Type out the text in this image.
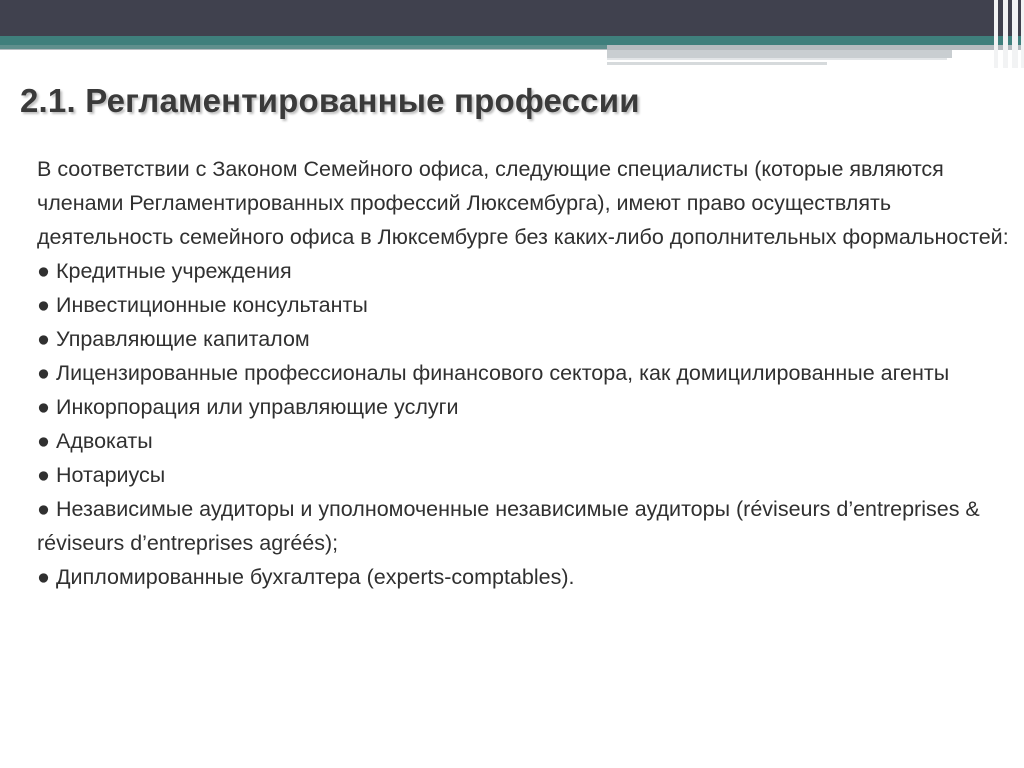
2.1. Регламентированные профессии

В соответствии с Законом Семейного офиса, следующие специалисты (которые являются членами Регламентированных профессий Люксембурга), имеют право осуществлять деятельность семейного офиса в Люксембурге без каких-либо дополнительных формальностей:

● Кредитные учреждения
● Инвестиционные консультанты
● Управляющие капиталом
● Лицензированные профессионалы финансового сектора, как домицилированные агенты
● Инкорпорация или управляющие услуги
● Адвокаты
● Нотариусы
● Независимые аудиторы и уполномоченные независимые аудиторы (réviseurs d’entreprises & réviseurs d’entreprises agréés);
● Дипломированные бухгалтера (experts-comptables).
